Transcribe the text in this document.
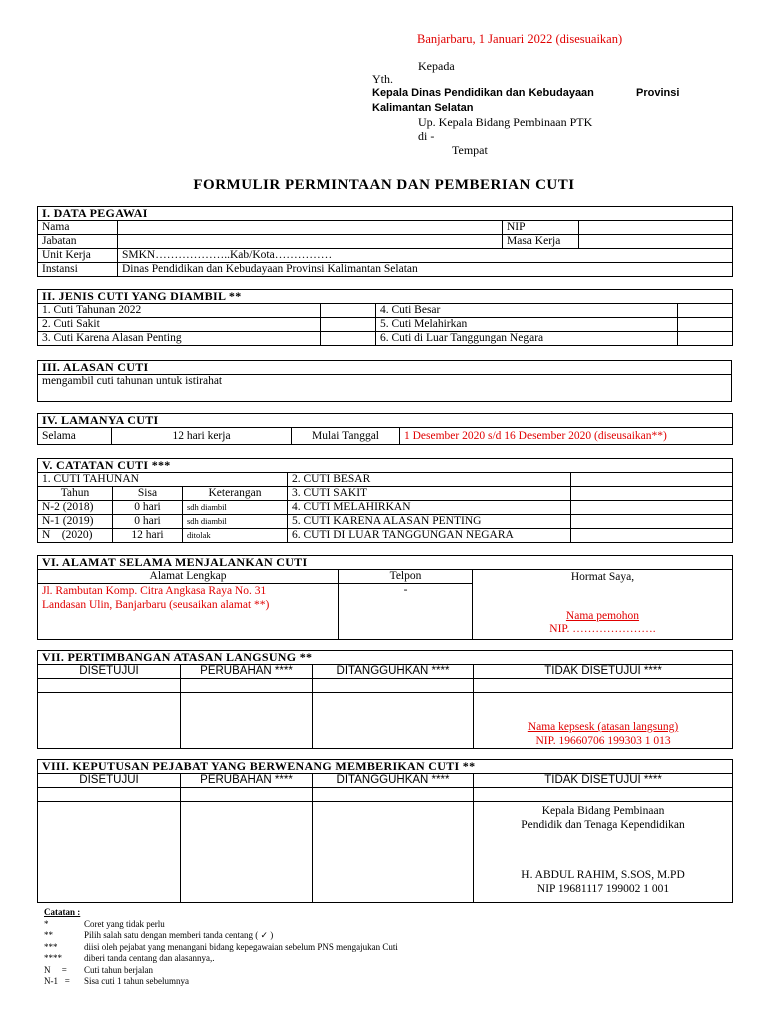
Banjarbaru, 1 Januari 2022 (disesuaikan)
Kepada
Yth.
Kepala Dinas Pendidikan dan Kebudayaan	Provinsi
Kalimantan Selatan
Up. Kepala Bidang Pembinaan PTK
di -
Tempat
FORMULIR PERMINTAAN DAN PEMBERIAN CUTI
I. DATA PEGAWAI			
Nama		NIP	
Jabatan		Masa Kerja	
Unit Kerja	SMKN………………..Kab/Kota……………		
Instansi	Dinas Pendidikan dan Kebudayaan Provinsi Kalimantan Selatan		
II. JENIS CUTI YANG DIAMBIL **			
1. Cuti Tahunan 2022		4. Cuti Besar	
2. Cuti Sakit		5. Cuti Melahirkan	
3. Cuti Karena Alasan Penting		6. Cuti di Luar Tanggungan Negara	
III. ALASAN CUTI
mengambil cuti tahunan untuk istirahat
IV. LAMANYA CUTI
Selama	12 hari kerja	Mulai Tanggal	1 Desember 2020 s/d 16 Desember 2020 (diseusaikan**)
V. CATATAN CUTI ***				
1. CUTI TAHUNAN			2. CUTI BESAR	
Tahun	Sisa	Keterangan	3. CUTI SAKIT	
N-2 (2018)	0 hari	sdh diambil	4. CUTI MELAHIRKAN	
N-1 (2019)	0 hari	sdh diambil	5. CUTI KARENA ALASAN PENTING	
N    (2020)	12 hari	ditolak	6. CUTI DI LUAR TANGGUNGAN NEGARA	
VI. ALAMAT SELAMA MENJALANKAN CUTI		
Alamat Lengkap	Telpon	Hormat Saya,
Nama pemohon
NIP. ………………….

Jl. Rambutan Komp. Citra Angkasa Raya No. 31
Landasan Ulin, Banjarbaru (seusaikan alamat **)	-	
VII. PERTIMBANGAN ATASAN LANGSUNG **			
DISETUJUI	PERUBAHAN ****	DITANGGUHKAN ****	TIDAK DISETUJUI ****

			Nama kepsesk (atasan langsung)
NIP. 19660706 199303 1 013
VIII. KEPUTUSAN PEJABAT YANG BERWENANG MEMBERIKAN CUTI **			
DISETUJUI	PERUBAHAN ****	DITANGGUHKAN ****	TIDAK DISETUJUI ****

			Kepala Bidang Pembinaan
Pendidik dan Tenaga Kependidikan
H. ABDUL RAHIM, S.SOS, M.PD
NIP 19681117 199002 1 001
Catatan :
*	Coret yang tidak perlu
**	Pilih salah satu dengan memberi tanda centang ( ✓ )
***	diisi oleh pejabat yang menangani bidang kepegawaian sebelum PNS mengajukan Cuti
**** diberi tanda centang dan alasannya,.
N     = Cuti tahun berjalan
N-1   = Sisa cuti 1 tahun sebelumnya
